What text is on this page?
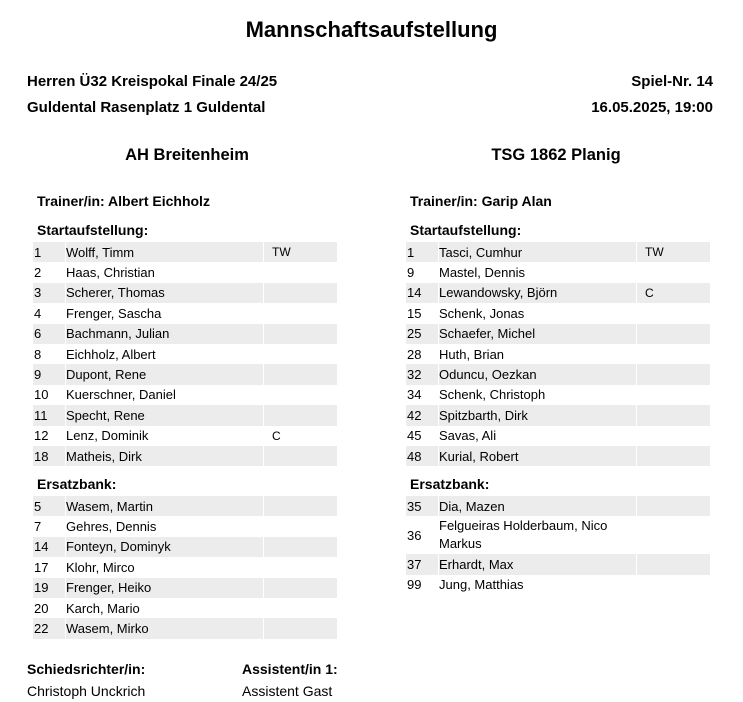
Mannschaftsaufstellung
Herren Ü32 Kreispokal Finale 24/25
Guldental Rasenplatz 1 Guldental
Spiel-Nr. 14
16.05.2025, 19:00
AH Breitenheim
Trainer/in: Albert Eichholz
Startaufstellung:
1		Wolff, Timm		TW
2		Haas, Christian		
3		Scherer, Thomas		
4		Frenger, Sascha		
6		Bachmann, Julian		
8		Eichholz, Albert		
9		Dupont, Rene		
10		Kuerschner, Daniel		
11		Specht, Rene		
12		Lenz, Dominik		C
18		Matheis, Dirk		
Ersatzbank:
5		Wasem, Martin		
7		Gehres, Dennis		
14		Fonteyn, Dominyk		
17		Klohr, Mirco		
19		Frenger, Heiko		
20		Karch, Mario		
22		Wasem, Mirko		
TSG 1862 Planig
Trainer/in: Garip Alan
Startaufstellung:
1		Tasci, Cumhur		TW
9		Mastel, Dennis		
14		Lewandowsky, Björn		C
15		Schenk, Jonas		
25		Schaefer, Michel		
28		Huth, Brian		
32		Oduncu, Oezkan		
34		Schenk, Christoph		
42		Spitzbarth, Dirk		
45		Savas, Ali		
48		Kurial, Robert		
Ersatzbank:
35		Dia, Mazen		
36		Felgueiras Holderbaum, Nico Markus		
37		Erhardt, Max		
99		Jung, Matthias		
Schiedsrichter/in:
Christoph Unckrich
Assistent/in 1:
Assistent Gast
